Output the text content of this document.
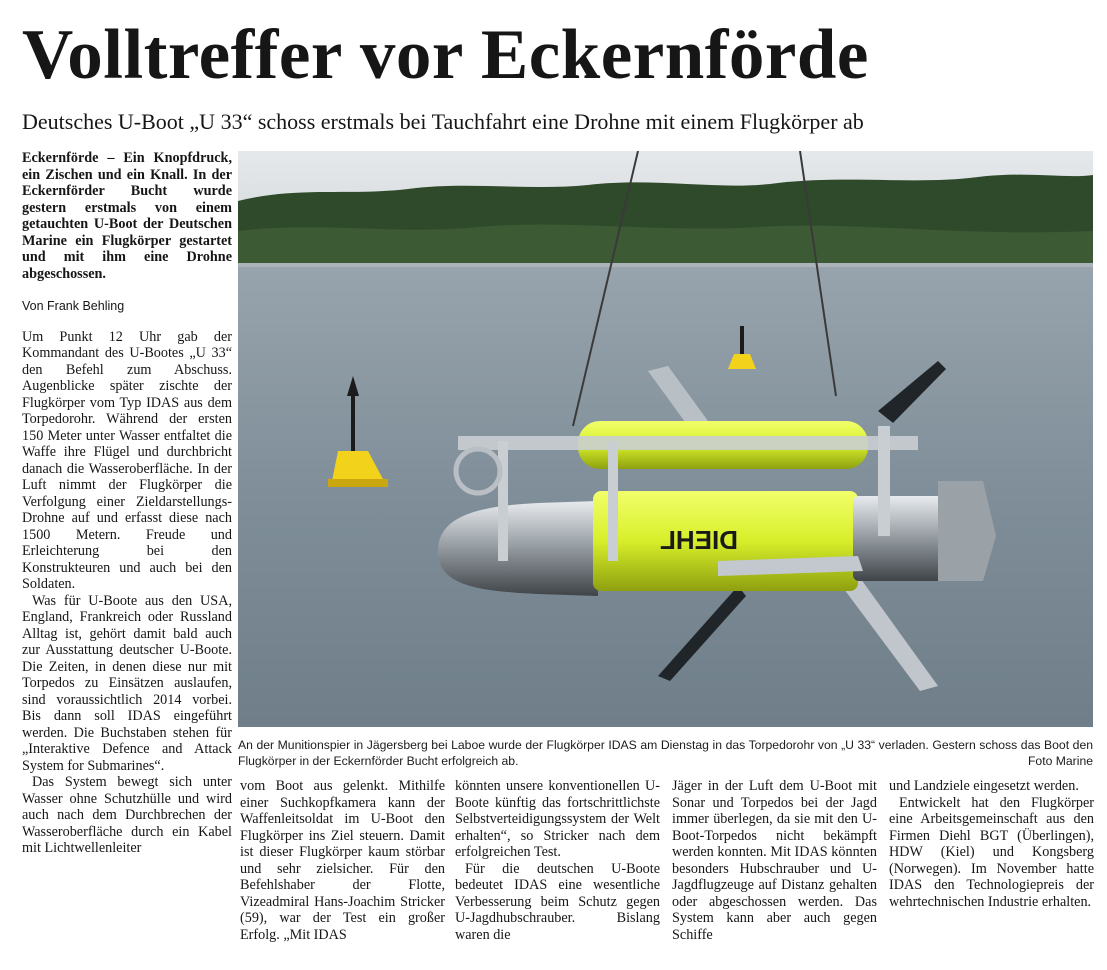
Volltreffer vor Eckernförde
Deutsches U-Boot „U 33“ schoss erstmals bei Tauchfahrt eine Drohne mit einem Flugkörper ab

Eckernförde – Ein Knopfdruck, ein Zischen und ein Knall. In der Eckernförder Bucht wurde gestern erstmals von einem getauchten U-Boot der Deutschen Marine ein Flugkörper gestartet und mit ihm eine Drohne abgeschossen.

Von Frank Behling

Um Punkt 12 Uhr gab der Kommandant des U-Bootes „U 33“ den Befehl zum Abschuss. Augenblicke später zischte der Flugkörper vom Typ IDAS aus dem Torpedorohr. Während der ersten 150 Meter unter Wasser entfaltet die Waffe ihre Flügel und durchbricht danach die Wasseroberfläche. In der Luft nimmt der Flugkörper die Verfolgung einer Zieldarstellungs-Drohne auf und erfasst diese nach 1500 Metern. Freude und Erleichterung bei den Konstrukteuren und auch bei den Soldaten.

Was für U-Boote aus den USA, England, Frankreich oder Russland Alltag ist, gehört damit bald auch zur Ausstattung deutscher U-Boote. Die Zeiten, in denen diese nur mit Torpedos zu Einsätzen auslaufen, sind voraussichtlich 2014 vorbei. Bis dann soll IDAS eingeführt werden. Die Buchstaben stehen für „Interaktive Defence and Attack System for Submarines“.

Das System bewegt sich unter Wasser ohne Schutzhülle und wird auch nach dem Durchbrechen der Wasseroberfläche durch ein Kabel mit Lichtwellenleiter

DIEHL
An der Munitionspier in Jägersberg bei Laboe wurde der Flugkörper IDAS am Dienstag in das Torpedorohr von „U 33“ verladen. Gestern schoss das Boot den Flugkörper in der Eckernförder Bucht erfolgreich ab.	Foto Marine

vom Boot aus gelenkt. Mithilfe einer Suchkopfkamera kann der Waffenleitsoldat im U-Boot den Flugkörper ins Ziel steuern. Damit ist dieser Flugkörper kaum störbar und sehr zielsicher. Für den Befehlshaber der Flotte, Vizeadmiral Hans-Joachim Stricker (59), war der Test ein großer Erfolg. „Mit IDAS

könnten unsere konventionellen U-Boote künftig das fortschrittlichste Selbstverteidigungssystem der Welt erhalten“, so Stricker nach dem erfolgreichen Test.

Für die deutschen U-Boote bedeutet IDAS eine wesentliche Verbesserung beim Schutz gegen U-Jagdhubschrauber. Bislang waren die

Jäger in der Luft dem U-Boot mit Sonar und Torpedos bei der Jagd immer überlegen, da sie mit den U-Boot-Torpedos nicht bekämpft werden konnten. Mit IDAS könnten besonders Hubschrauber und U-Jagdflugzeuge auf Distanz gehalten oder abgeschossen werden. Das System kann aber auch gegen Schiffe

und Landziele eingesetzt werden.

Entwickelt hat den Flugkörper eine Arbeitsgemeinschaft aus den Firmen Diehl BGT (Überlingen), HDW (Kiel) und Kongsberg (Norwegen). Im November hatte IDAS den Technologiepreis der wehrtechnischen Industrie erhalten.
